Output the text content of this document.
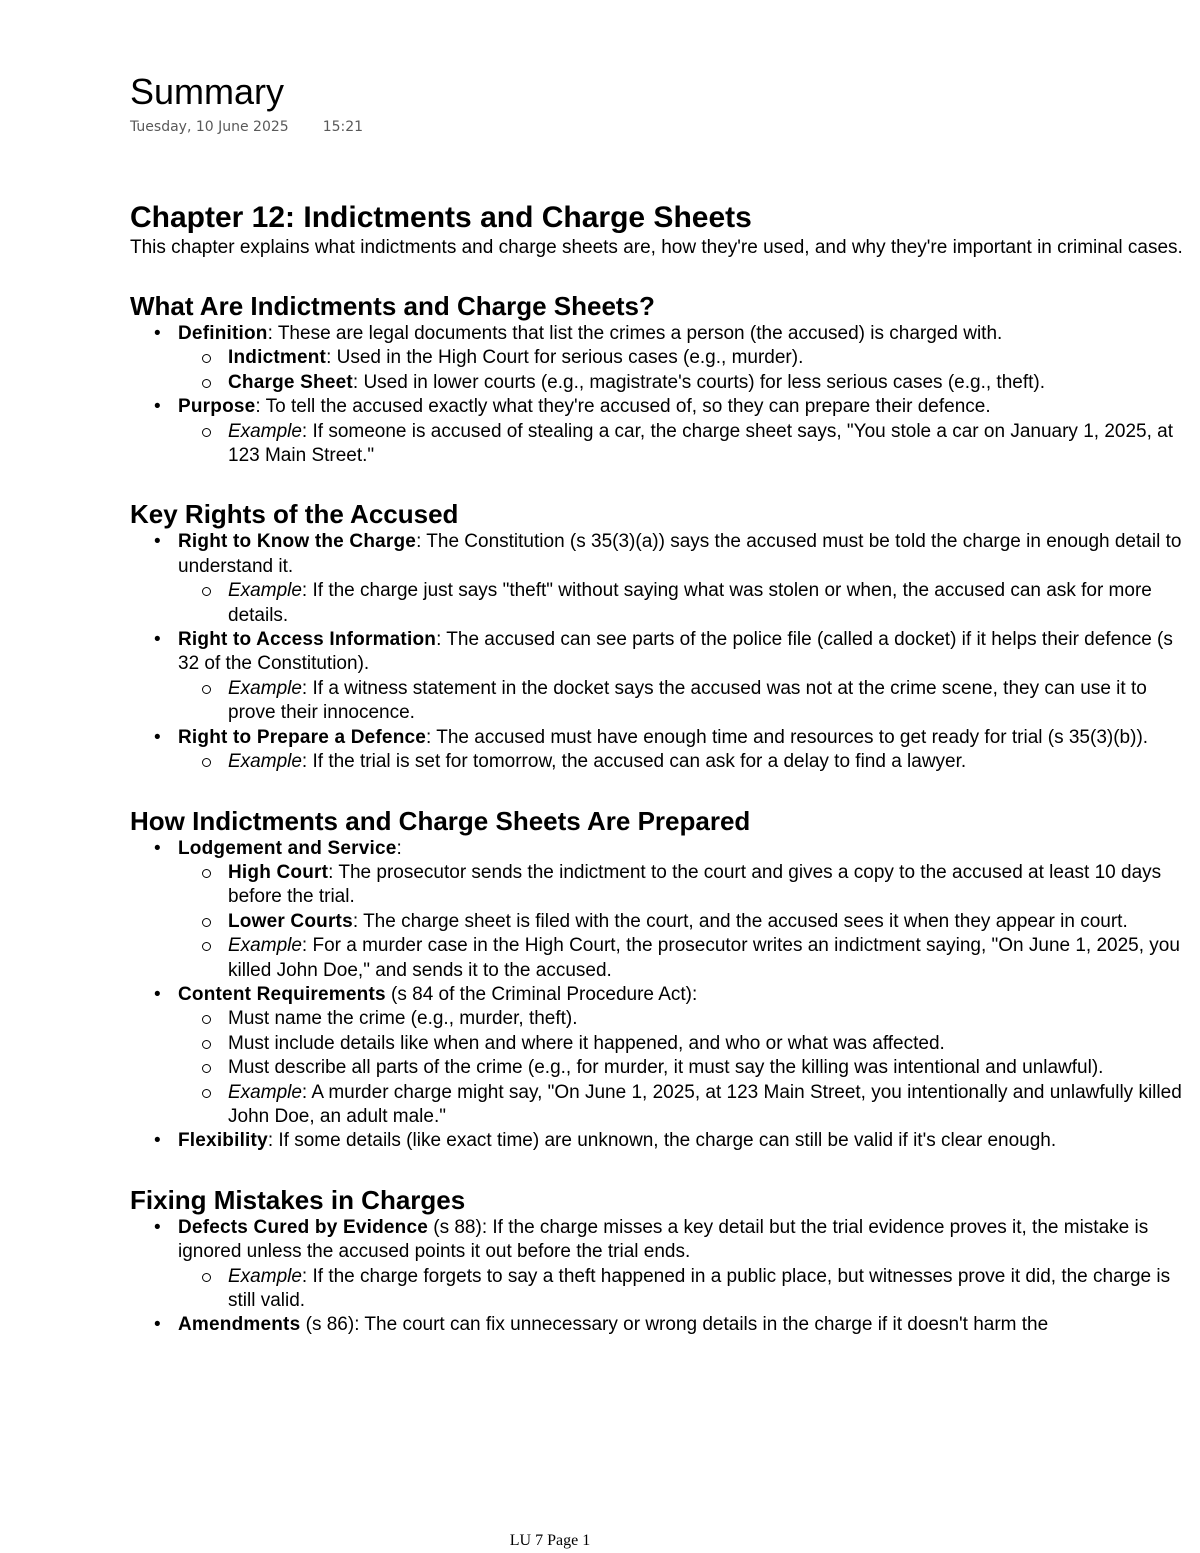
Summary
Tuesday, 10 June 2025 15:21
Chapter 12: Indictments and Charge Sheets

This chapter explains what indictments and charge sheets are, how they're used, and why they're important in criminal cases.

What Are Indictments and Charge Sheets?
• Definition: These are legal documents that list the crimes a person (the accused) is charged with.
Indictment: Used in the High Court for serious cases (e.g., murder).
Charge Sheet: Used in lower courts (e.g., magistrate's courts) for less serious cases (e.g., theft).
• Purpose: To tell the accused exactly what they're accused of, so they can prepare their defence.
Example: If someone is accused of stealing a car, the charge sheet says, "You stole a car on January 1, 2025, at 123 Main Street."
Key Rights of the Accused
• Right to Know the Charge: The Constitution (s 35(3)(a)) says the accused must be told the charge in enough detail to understand it.
Example: If the charge just says "theft" without saying what was stolen or when, the accused can ask for more details.
• Right to Access Information: The accused can see parts of the police file (called a docket) if it helps their defence (s 32 of the Constitution).
Example: If a witness statement in the docket says the accused was not at the crime scene, they can use it to prove their innocence.
• Right to Prepare a Defence: The accused must have enough time and resources to get ready for trial (s 35(3)(b)).
Example: If the trial is set for tomorrow, the accused can ask for a delay to find a lawyer.
How Indictments and Charge Sheets Are Prepared
• Lodgement and Service:
High Court: The prosecutor sends the indictment to the court and gives a copy to the accused at least 10 days before the trial.
Lower Courts: The charge sheet is filed with the court, and the accused sees it when they appear in court.
Example: For a murder case in the High Court, the prosecutor writes an indictment saying, "On June 1, 2025, you killed John Doe," and sends it to the accused.
• Content Requirements (s 84 of the Criminal Procedure Act):
Must name the crime (e.g., murder, theft).
Must include details like when and where it happened, and who or what was affected.
Must describe all parts of the crime (e.g., for murder, it must say the killing was intentional and unlawful).
Example: A murder charge might say, "On June 1, 2025, at 123 Main Street, you intentionally and unlawfully killed John Doe, an adult male."
• Flexibility: If some details (like exact time) are unknown, the charge can still be valid if it's clear enough.
Fixing Mistakes in Charges
• Defects Cured by Evidence (s 88): If the charge misses a key detail but the trial evidence proves it, the mistake is ignored unless the accused points it out before the trial ends.
Example: If the charge forgets to say a theft happened in a public place, but witnesses prove it did, the charge is still valid.
• Amendments (s 86): The court can fix unnecessary or wrong details in the charge if it doesn't harm the
LU 7 Page 1
